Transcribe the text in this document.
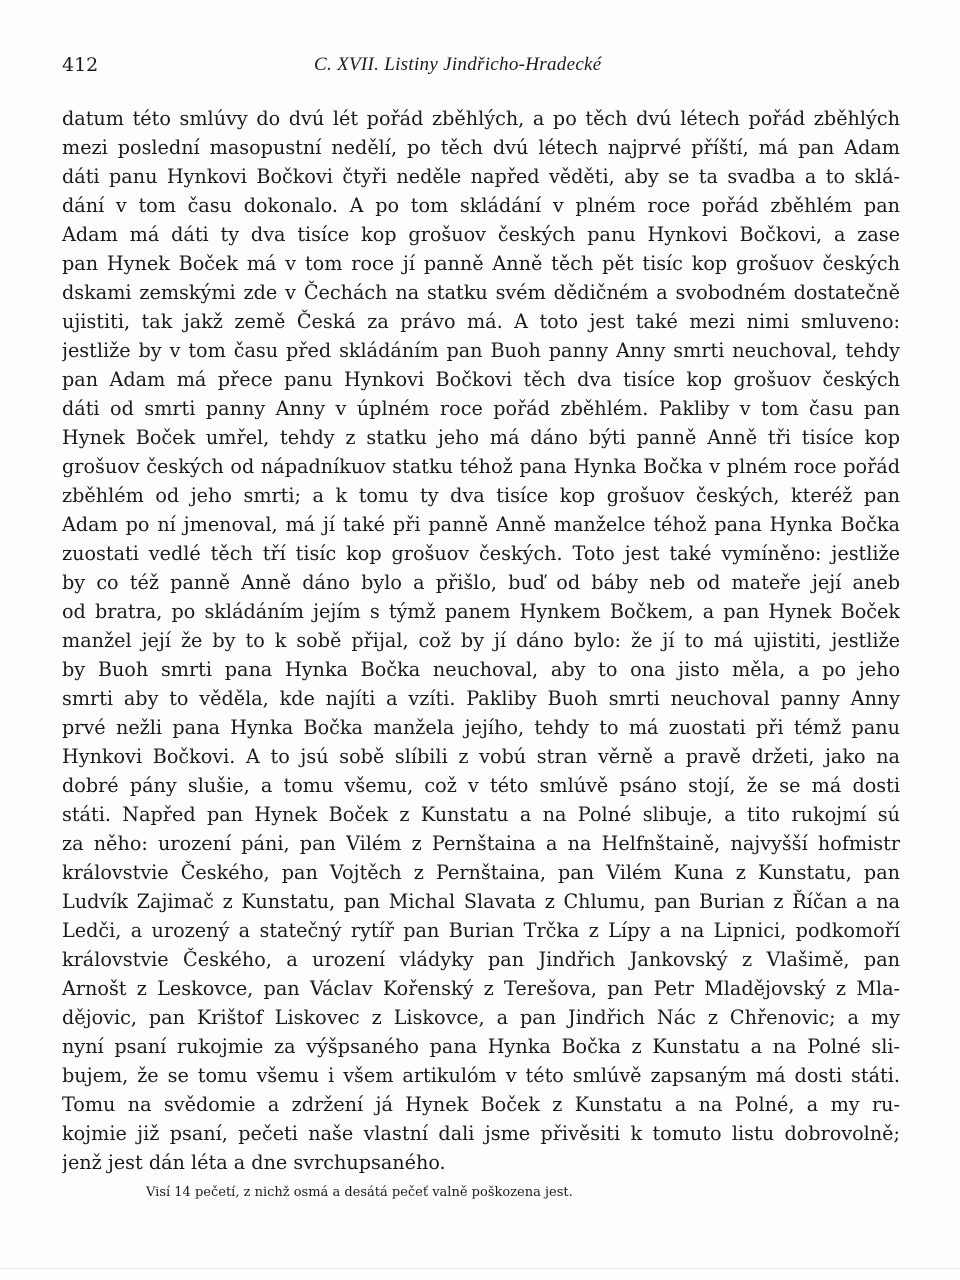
412	C. XVII. Listiny Jindřicho-Hradecké
datum této smlúvy do dvú lét pořád zběhlých, a po těch dvú létech pořád zběhlých
mezi poslední masopustní nedělí, po těch dvú létech najprvé příští, má pan Adam
dáti panu Hynkovi Bočkovi čtyři neděle napřed věděti, aby se ta svadba a to sklá-
dání v tom času dokonalo. A po tom skládání v plném roce pořád zběhlém pan
Adam má dáti ty dva tisíce kop grošuov českých panu Hynkovi Bočkovi, a zase
pan Hynek Boček má v tom roce jí panně Anně těch pět tisíc kop grošuov českých
dskami zemskými zde v Čechách na statku svém dědičném a svobodném dostatečně
ujistiti, tak jakž země Česká za právo má. A toto jest také mezi nimi smluveno:
jestliže by v tom času před skládáním pan Buoh panny Anny smrti neuchoval, tehdy
pan Adam má přece panu Hynkovi Bočkovi těch dva tisíce kop grošuov českých
dáti od smrti panny Anny v úplném roce pořád zběhlém. Pakliby v tom času pan
Hynek Boček umřel, tehdy z statku jeho má dáno býti panně Anně tři tisíce kop
grošuov českých od nápadníkuov statku téhož pana Hynka Bočka v plném roce pořád
zběhlém od jeho smrti; a k tomu ty dva tisíce kop grošuov českých, kteréž pan
Adam po ní jmenoval, má jí také při panně Anně manželce téhož pana Hynka Bočka
zuostati vedlé těch tří tisíc kop grošuov českých. Toto jest také vymíněno: jestliže
by co též panně Anně dáno bylo a přišlo, buď od báby neb od mateře její aneb
od bratra, po skládáním jejím s týmž panem Hynkem Bočkem, a pan Hynek Boček
manžel její že by to k sobě přijal, což by jí dáno bylo: že jí to má ujistiti, jestliže
by Buoh smrti pana Hynka Bočka neuchoval, aby to ona jisto měla, a po jeho
smrti aby to věděla, kde najíti a vzíti. Pakliby Buoh smrti neuchoval panny Anny
prvé nežli pana Hynka Bočka manžela jejího, tehdy to má zuostati při témž panu
Hynkovi Bočkovi. A to jsú sobě slíbili z vobú stran věrně a pravě držeti, jako na
dobré pány slušie, a tomu všemu, což v této smlúvě psáno stojí, že se má dosti
státi. Napřed pan Hynek Boček z Kunstatu a na Polné slibuje, a tito rukojmí sú
za něho: urození páni, pan Vilém z Pernštaina a na Helfnštaině, najvyšší hofmistr
královstvie Českého, pan Vojtěch z Pernštaina, pan Vilém Kuna z Kunstatu, pan
Ludvík Zajimač z Kunstatu, pan Michal Slavata z Chlumu, pan Burian z Říčan a na
Ledči, a urozený a statečný rytíř pan Burian Trčka z Lípy a na Lipnici, podkomoří
královstvie Českého, a urození vládyky pan Jindřich Jankovský z Vlašimě, pan
Arnošt z Leskovce, pan Václav Kořenský z Terešova, pan Petr Mladějovský z Mla-
dějovic, pan Krištof Liskovec z Liskovce, a pan Jindřich Nác z Chřenovic; a my
nyní psaní rukojmie za výšpsaného pana Hynka Bočka z Kunstatu a na Polné sli-
bujem, že se tomu všemu i všem artikulóm v této smlúvě zapsaným má dosti státi.
Tomu na svědomie a zdržení já Hynek Boček z Kunstatu a na Polné, a my ru-
kojmie již psaní, pečeti naše vlastní dali jsme přivěsiti k tomuto listu dobrovolně;
jenž jest dán léta a dne svrchupsaného.
Visí 14 pečetí, z nichž osmá a desátá pečeť valně poškozena jest.
